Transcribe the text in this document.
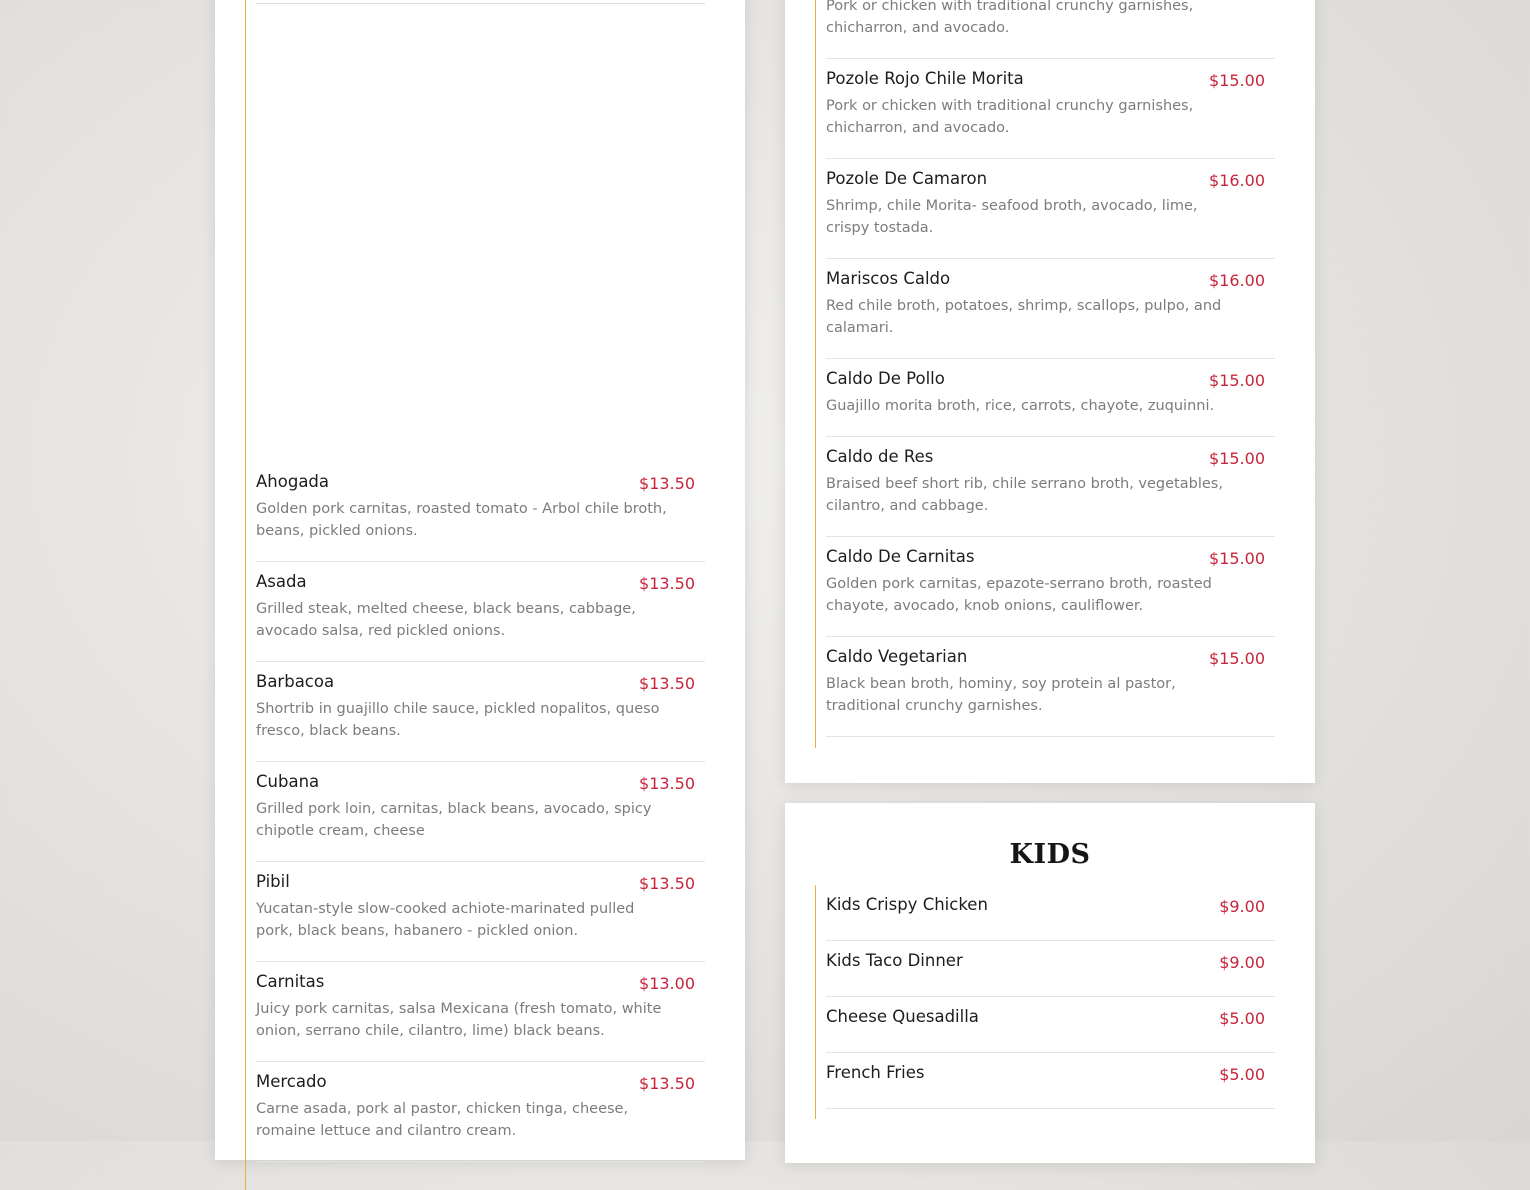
Ahogada	$13.50
Golden pork carnitas, roasted tomato - Arbol chile broth, beans, pickled onions.
Asada	$13.50
Grilled steak, melted cheese, black beans, cabbage, avocado salsa, red pickled onions.
Barbacoa	$13.50
Shortrib in guajillo chile sauce, pickled nopalitos, queso fresco, black beans.
Cubana	$13.50
Grilled pork loin, carnitas, black beans, avocado, spicy chipotle cream, cheese
Pibil	$13.50
Yucatan-style slow-cooked achiote-marinated pulled pork, black beans, habanero - pickled onion.
Carnitas	$13.00
Juicy pork carnitas, salsa Mexicana (fresh tomato, white onion, serrano chile, cilantro, lime) black beans.
Mercado	$13.50
Carne asada, pork al pastor, chicken tinga, cheese, romaine lettuce and cilantro cream.
Pork or chicken with traditional crunchy garnishes, chicharron, and avocado.
Pozole Rojo Chile Morita	$15.00
Pork or chicken with traditional crunchy garnishes, chicharron, and avocado.
Pozole De Camaron	$16.00
Shrimp, chile Morita- seafood broth, avocado, lime, crispy tostada.
Mariscos Caldo	$16.00
Red chile broth, potatoes, shrimp, scallops, pulpo, and calamari.
Caldo De Pollo	$15.00
Guajillo morita broth, rice, carrots, chayote, zuquinni.
Caldo de Res	$15.00
Braised beef short rib, chile serrano broth, vegetables, cilantro, and cabbage.
Caldo De Carnitas	$15.00
Golden pork carnitas, epazote-serrano broth, roasted chayote, avocado, knob onions, cauliflower.
Caldo Vegetarian	$15.00
Black bean broth, hominy, soy protein al pastor, traditional crunchy garnishes.
KIDS
Kids Crispy Chicken	$9.00
Kids Taco Dinner	$9.00
Cheese Quesadilla	$5.00
French Fries	$5.00
